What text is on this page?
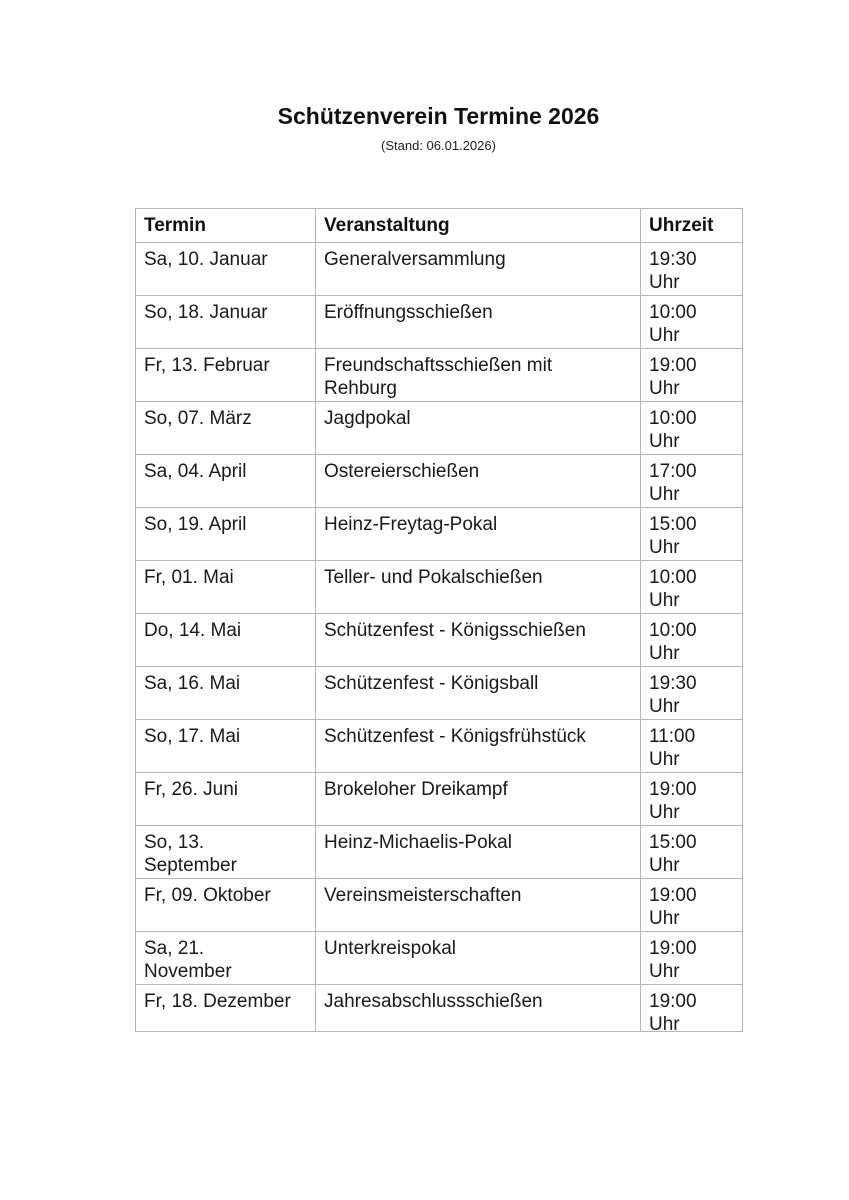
Schützenverein Termine 2026
(Stand: 06.01.2026)
Termin	Veranstaltung	Uhrzeit

Sa, 10. Januar	Generalversammlung	19:30
Uhr

So, 18. Januar	Eröffnungsschießen	10:00
Uhr

Fr, 13. Februar	Freundschaftsschießen mit
Rehburg	19:00
Uhr

So, 07. März	Jagdpokal	10:00
Uhr

Sa, 04. April	Ostereierschießen	17:00
Uhr

So, 19. April	Heinz-Freytag-Pokal	15:00
Uhr

Fr, 01. Mai	Teller- und Pokalschießen	10:00
Uhr

Do, 14. Mai	Schützenfest - Königsschießen	10:00
Uhr

Sa, 16. Mai	Schützenfest - Königsball	19:30
Uhr

So, 17. Mai	Schützenfest - Königsfrühstück	11:00
Uhr

Fr, 26. Juni	Brokeloher Dreikampf	19:00
Uhr

So, 13.
September	Heinz-Michaelis-Pokal	15:00
Uhr

Fr, 09. Oktober	Vereinsmeisterschaften	19:00
Uhr

Sa, 21.
November	Unterkreispokal	19:00
Uhr

Fr, 18. Dezember	Jahresabschlussschießen	19:00
Uhr
